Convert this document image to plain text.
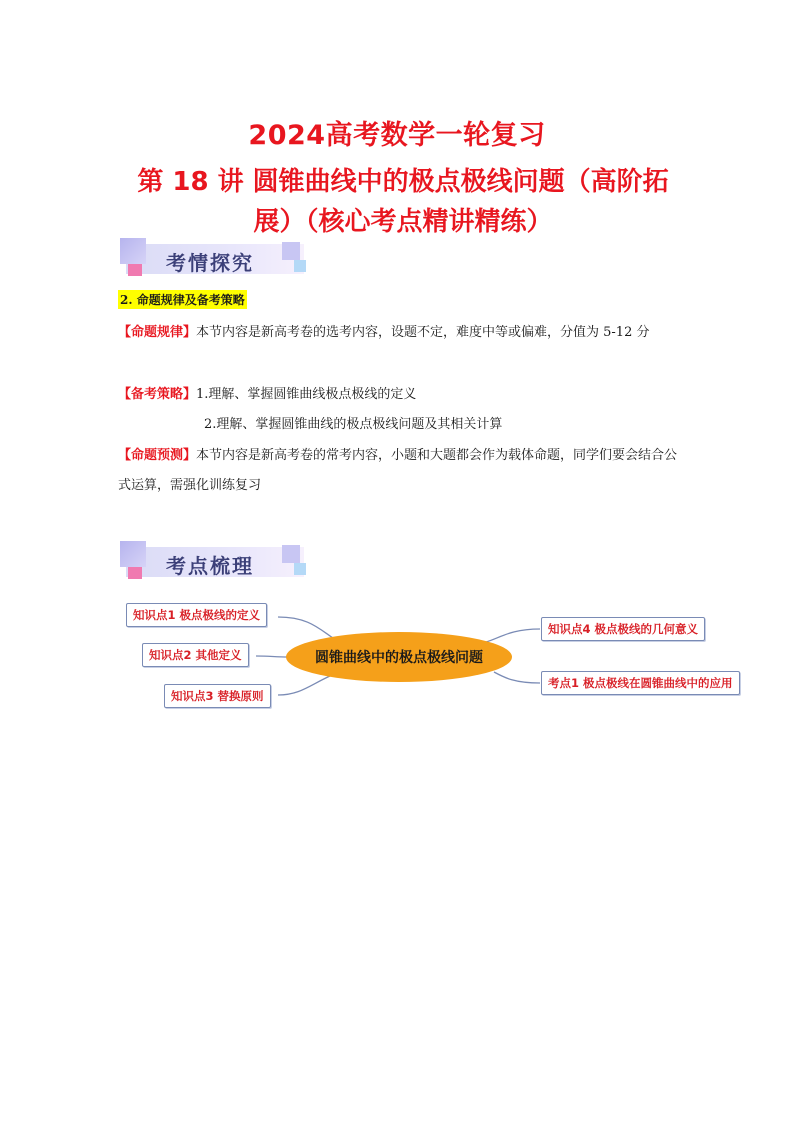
2024高考数学一轮复习
第 18 讲 圆锥曲线中的极点极线问题（高阶拓展）（核心考点精讲精练）
考情探究
2. 命题规律及备考策略
【命题规律】本节内容是新高考卷的选考内容，设题不定，难度中等或偏难，分值为 5-12 分
【备考策略】1.理解、掌握圆锥曲线极点极线的定义
2.理解、掌握圆锥曲线的极点极线问题及其相关计算
【命题预测】本节内容是新高考卷的常考内容，小题和大题都会作为载体命题，同学们要会结合公式运算，需强化训练复习
考点梳理
知识点1 极点极线的定义
知识点2 其他定义
知识点3 替换原则
圆锥曲线中的极点极线问题
知识点4 极点极线的几何意义
考点1 极点极线在圆锥曲线中的应用
